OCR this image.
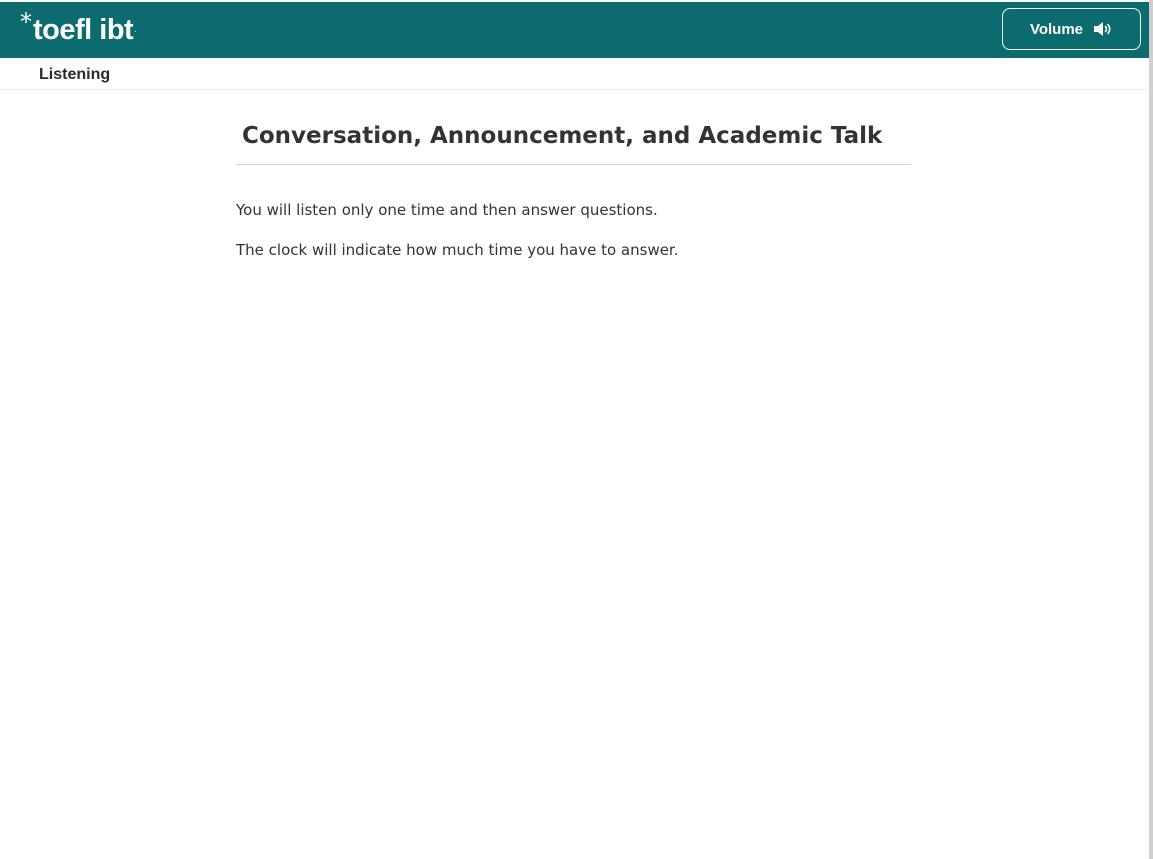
* toefl ibt .	Volume
Listening
Conversation, Announcement, and Academic Talk

You will listen only one time and then answer questions.

The clock will indicate how much time you have to answer.
